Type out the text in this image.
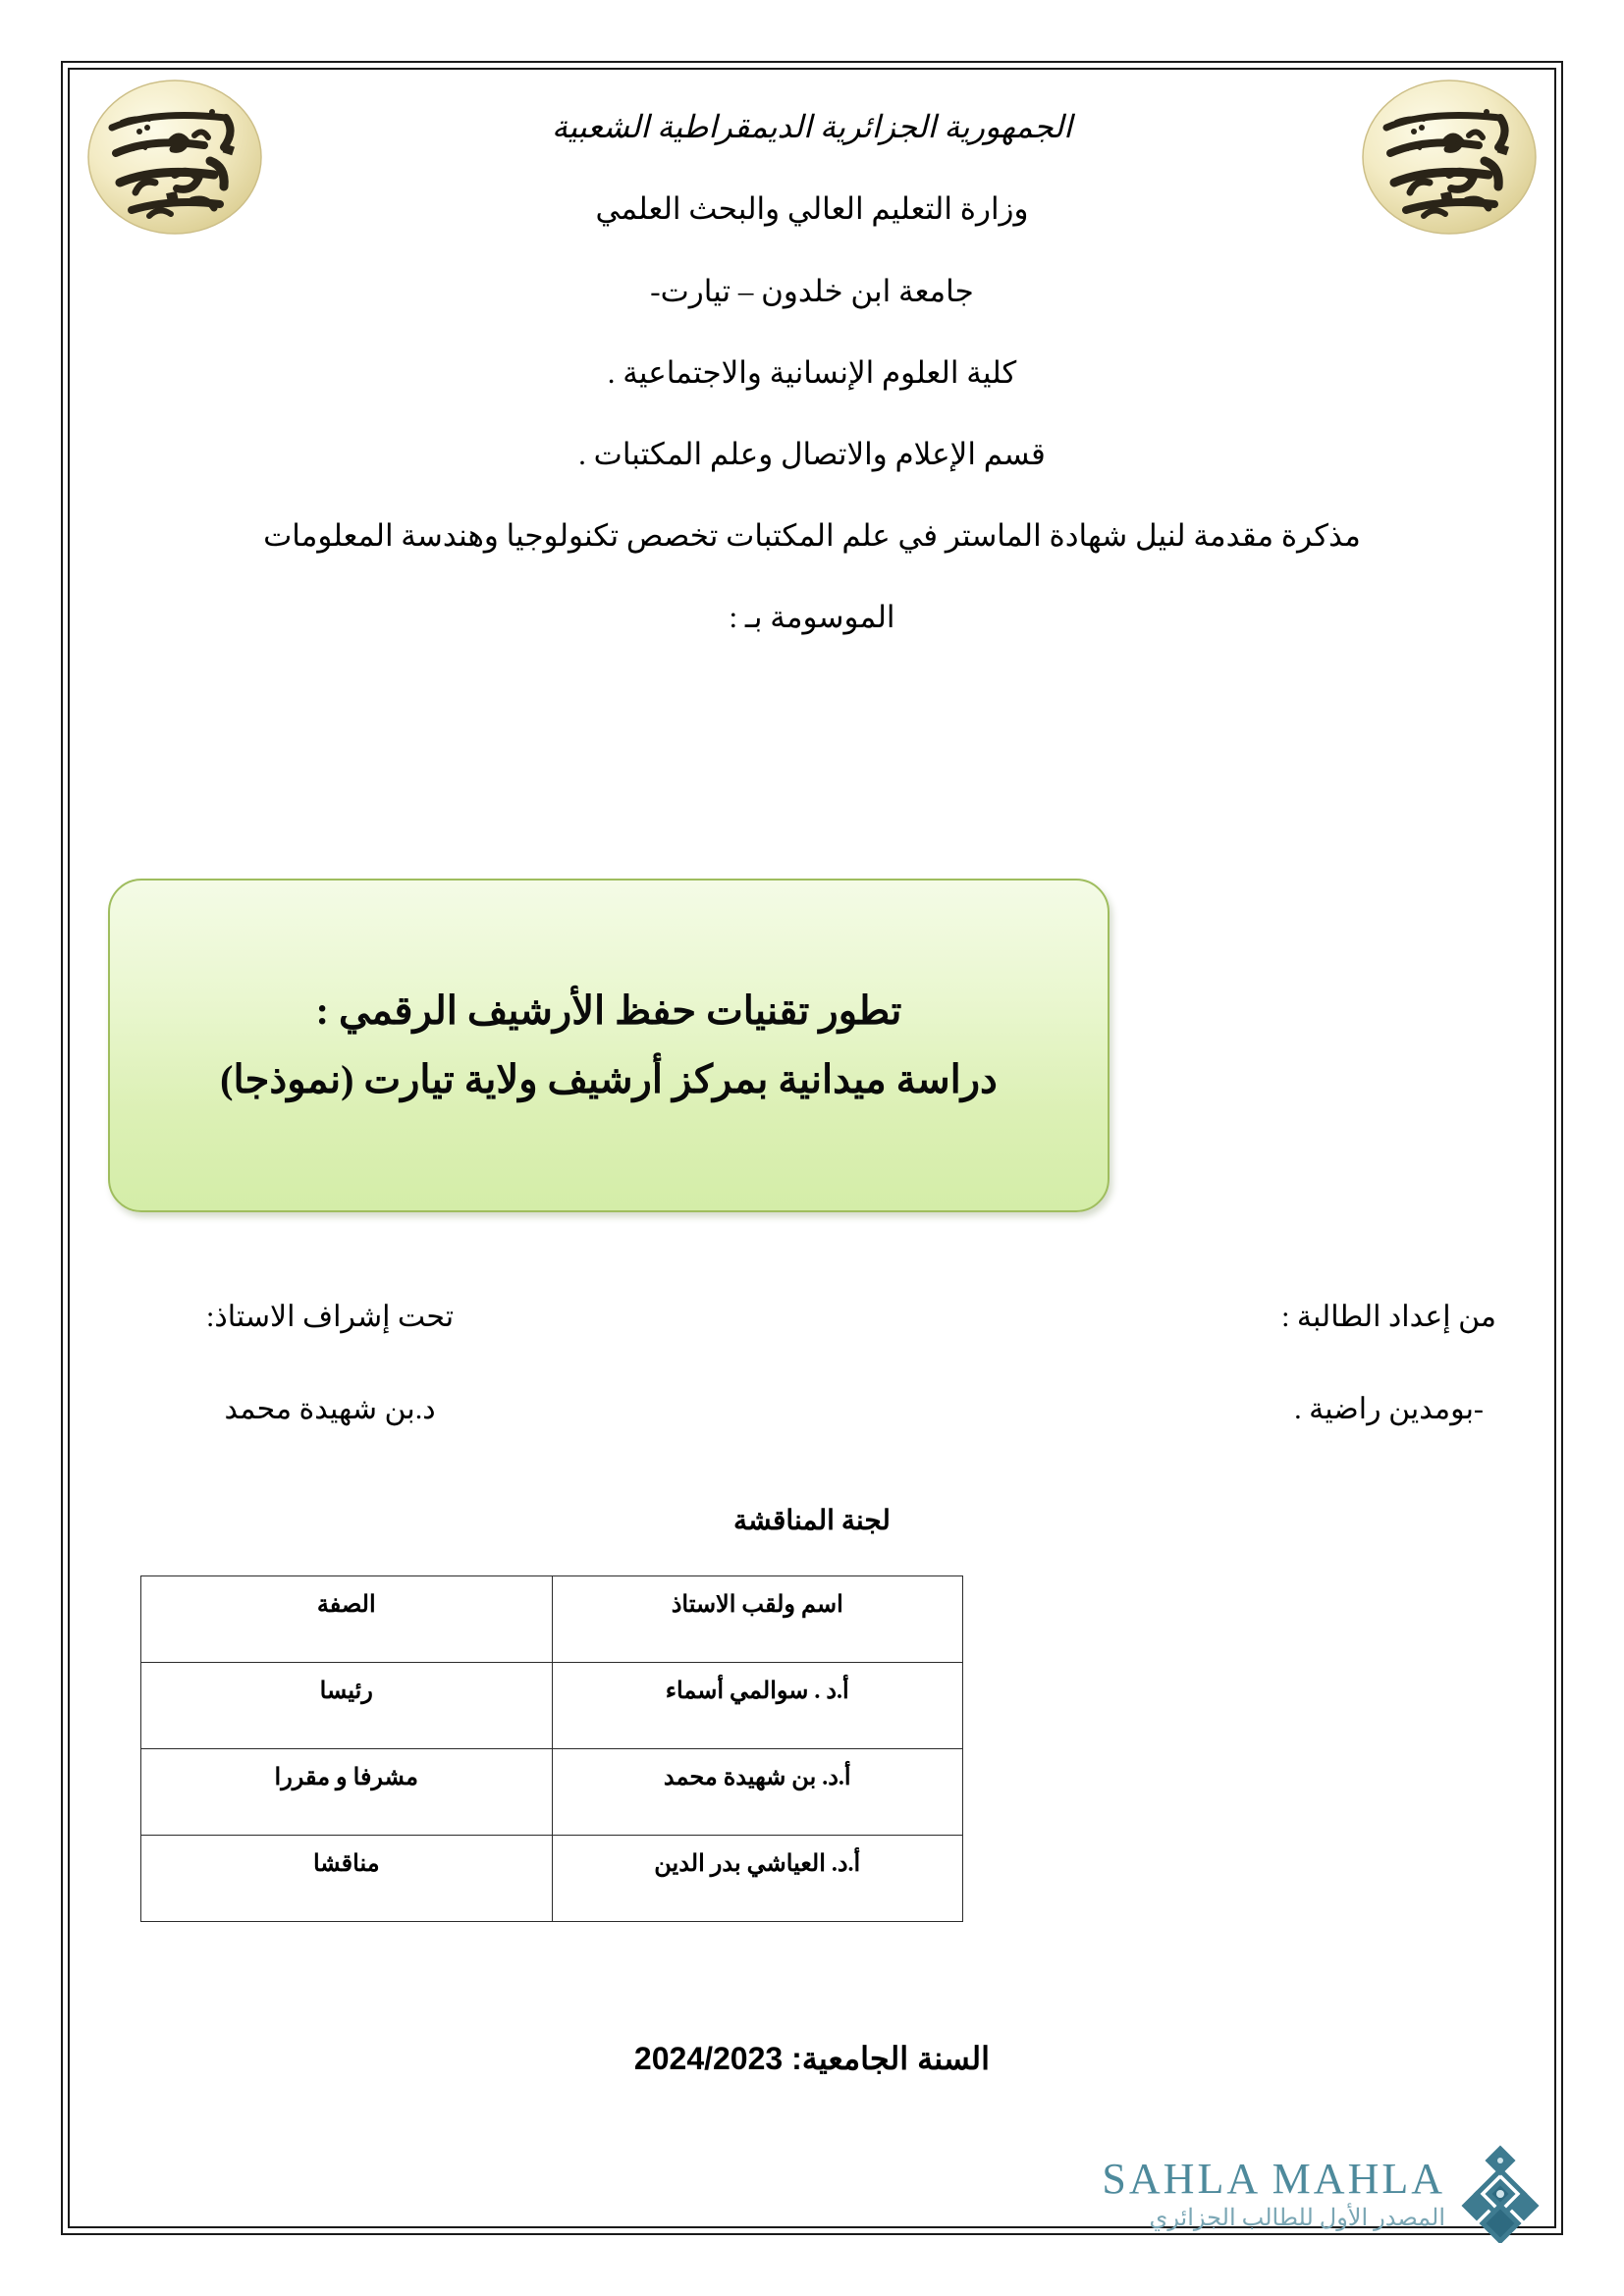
الجمهورية الجزائرية الديمقراطية الشعبية
وزارة التعليم العالي والبحث العلمي
جامعة ابن خلدون – تيارت-
كلية العلوم الإنسانية والاجتماعية .
قسم الإعلام والاتصال وعلم المكتبات .
مذكرة مقدمة لنيل شهادة الماستر في علم المكتبات تخصص تكنولوجيا وهندسة المعلومات
الموسومة بـ :
تطور تقنيات حفظ الأرشيف الرقمي :
دراسة ميدانية بمركز أرشيف ولاية تيارت (نموذجا)
من إعداد الطالبة :
-بومدين راضية .
تحت إشراف الاستاذ:
د.بن شهيدة محمد
لجنة المناقشة
اسم ولقب الاستاذ	الصفة
أ.د . سوالمي أسماء	رئيسا
أ.د. بن شهيدة محمد	مشرفا و مقررا
أ.د. العياشي بدر الدين	مناقشا
السنة الجامعية: 2024/2023
SAHLA MAHLA
المصدر الأول للطالب الجزائري
